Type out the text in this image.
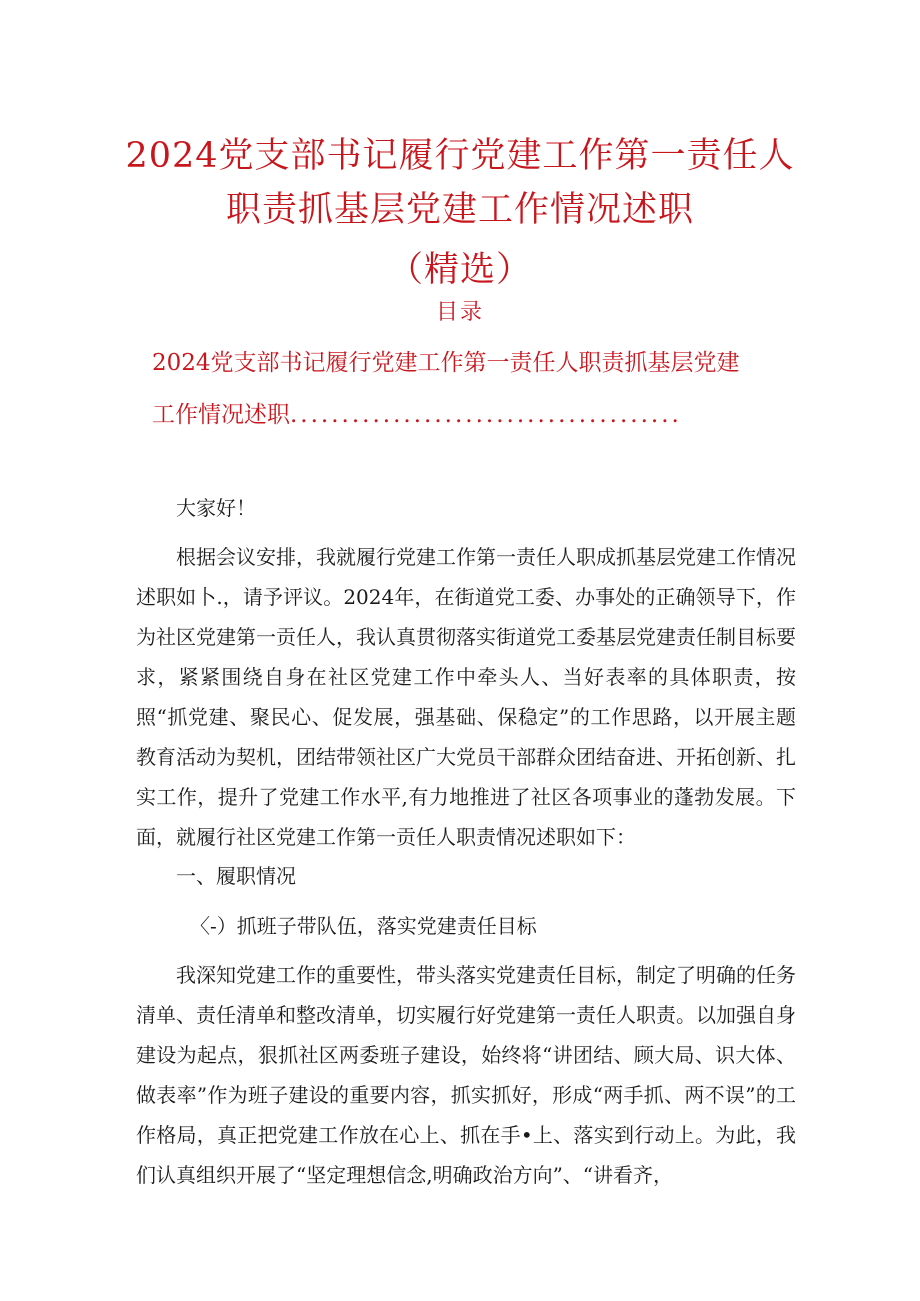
2024党支部书记履行党建工作第一责任人
职责抓基层党建工作情况述职
（精选）
目录
2024党支部书记履行党建工作第一责任人职责抓基层党建
工作情况述职......................................

大家好！

根据会议安排，我就履行党建工作第一责任人职成抓基层党建工作情况述职如卜.，请予评议。2024年，在街道党工委、办事处的正确领导下，作为社区党建第一贡任人，我认真贯彻落实街道党工委基层党建责任制目标要求，紧紧围绕自身在社区党建工作中牵头人、当好表率的具体职责，按照“抓党建、聚民心、促发展，强基础、保稳定”的工作思路，以开展主题教育活动为契机，团结带领社区广大党员干部群众团结奋进、开拓创新、扎实工作，提升了党建工作水平,有力地推进了社区各项事业的蓬勃发展。下面，就履行社区党建工作第一贡任人职责情况述职如下：

一、履职情况

〈-）抓班子带队伍，落实党建责任目标

我深知党建工作的重要性，带头落实党建责任目标，制定了明确的任务清单、责任清单和整改清单，切实履行好党建第一责任人职责。以加强自身建设为起点，狠抓社区两委班子建设，始终将“讲团结、顾大局、识大体、做表率”作为班子建设的重要内容，抓实抓好，形成“两手抓、两不误”的工作格局，真正把党建工作放在心上、抓在手•上、落实到行动上。为此，我们认真组织开展了“坚定理想信念,明确政治方向”、“讲看齐，
